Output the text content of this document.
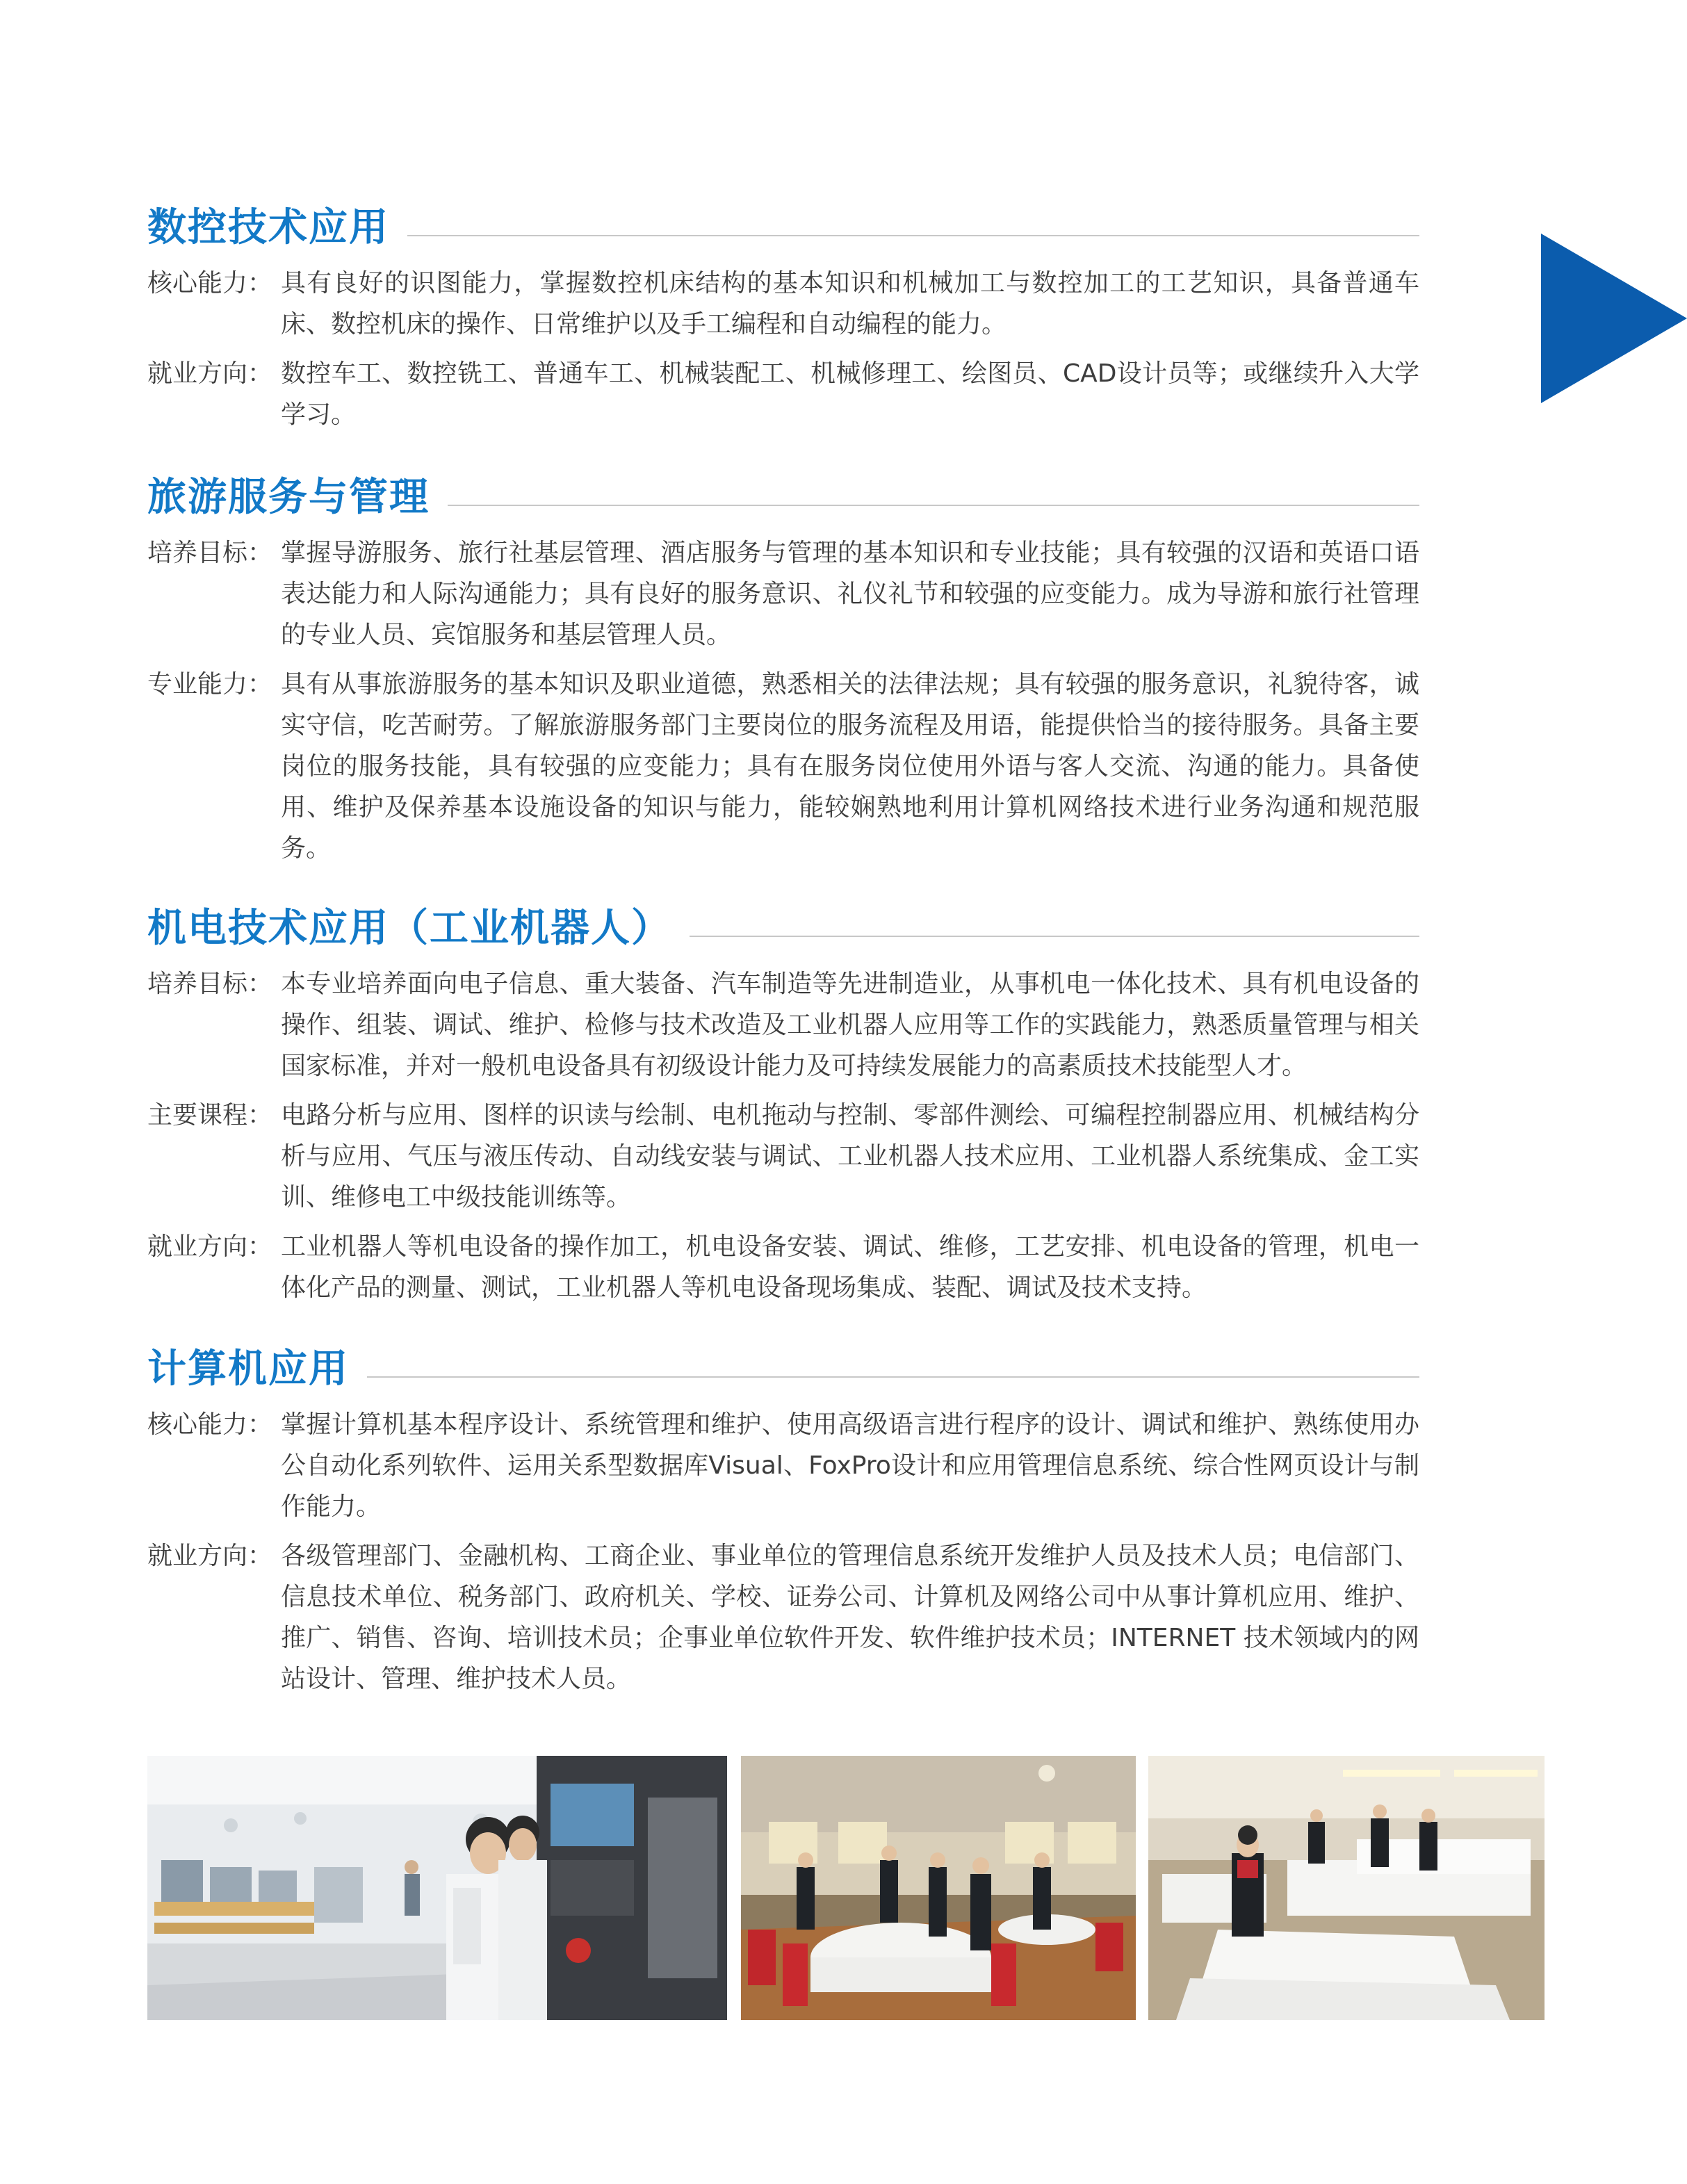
数控技术应用
核心能力： 具有良好的识图能力，掌握数控机床结构的基本知识和机械加工与数控加工的工艺知识，具备普通车床、数控机床的操作、日常维护以及手工编程和自动编程的能力。
就业方向： 数控车工、数控铣工、普通车工、机械装配工、机械修理工、绘图员、CAD设计员等；或继续升入大学学习。
旅游服务与管理
培养目标： 掌握导游服务、旅行社基层管理、酒店服务与管理的基本知识和专业技能；具有较强的汉语和英语口语表达能力和人际沟通能力；具有良好的服务意识、礼仪礼节和较强的应变能力。成为导游和旅行社管理的专业人员、宾馆服务和基层管理人员。
专业能力： 具有从事旅游服务的基本知识及职业道德，熟悉相关的法律法规；具有较强的服务意识，礼貌待客，诚实守信，吃苦耐劳。了解旅游服务部门主要岗位的服务流程及用语，能提供恰当的接待服务。具备主要岗位的服务技能，具有较强的应变能力；具有在服务岗位使用外语与客人交流、沟通的能力。具备使用、维护及保养基本设施设备的知识与能力，能较娴熟地利用计算机网络技术进行业务沟通和规范服务。
机电技术应用（工业机器人）
培养目标： 本专业培养面向电子信息、重大装备、汽车制造等先进制造业，从事机电一体化技术、具有机电设备的操作、组装、调试、维护、检修与技术改造及工业机器人应用等工作的实践能力，熟悉质量管理与相关国家标准，并对一般机电设备具有初级设计能力及可持续发展能力的高素质技术技能型人才。
主要课程： 电路分析与应用、图样的识读与绘制、电机拖动与控制、零部件测绘、可编程控制器应用、机械结构分析与应用、气压与液压传动、自动线安装与调试、工业机器人技术应用、工业机器人系统集成、金工实训、维修电工中级技能训练等。
就业方向： 工业机器人等机电设备的操作加工，机电设备安装、调试、维修，工艺安排、机电设备的管理，机电一体化产品的测量、测试，工业机器人等机电设备现场集成、装配、调试及技术支持。
计算机应用
核心能力： 掌握计算机基本程序设计、系统管理和维护、使用高级语言进行程序的设计、调试和维护、熟练使用办公自动化系列软件、运用关系型数据库Visual、FoxPro设计和应用管理信息系统、综合性网页设计与制作能力。
就业方向： 各级管理部门、金融机构、工商企业、事业单位的管理信息系统开发维护人员及技术人员；电信部门、信息技术单位、税务部门、政府机关、学校、证券公司、计算机及网络公司中从事计算机应用、维护、推广、销售、咨询、培训技术员；企事业单位软件开发、软件维护技术员；INTERNET 技术领域内的网站设计、管理、维护技术人员。
